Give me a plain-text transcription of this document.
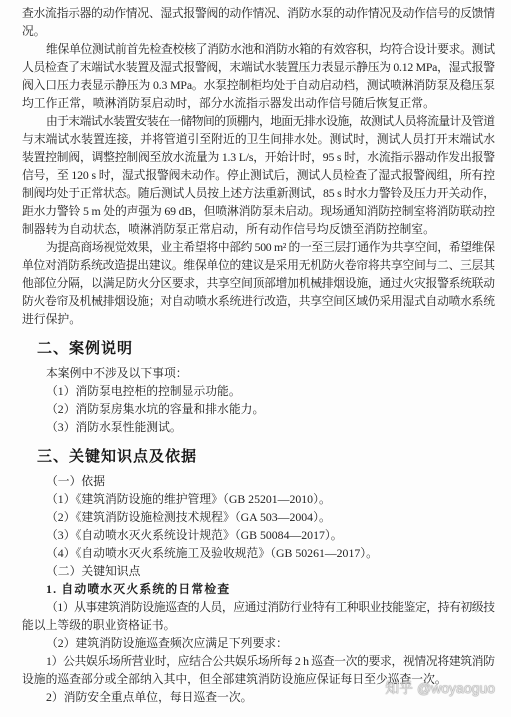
查水流指示器的动作情况、湿式报警阀的动作情况、消防水泵的动作情况及动作信号的反馈情
况。
维保单位测试前首先检查校核了消防水池和消防水箱的有效容积，均符合设计要求。测试
人员检查了末端试水装置及湿式报警阀，末端试水装置压力表显示静压为 0.12 MPa，湿式报警
阀入口压力表显示静压为 0.3 MPa。水泵控制柜均处于自动启动档，测试喷淋消防泵及稳压泵
均工作正常，喷淋消防泵启动时，部分水流指示器发出动作信号随后恢复正常。
由于末端试水装置安装在一储物间的顶棚内，地面无排水设施，故测试人员将流量计及管道
与末端试水装置连接，并将管道引至附近的卫生间排水处。测试时，测试人员打开末端试水
装置控制阀，调整控制阀至放水流量为 1.3 L/s，开始计时，95 s 时，水流指示器动作发出报警
信号，至 120 s 时，湿式报警阀未动作。停止测试后，测试人员检查了湿式报警阀组，所有控
制阀均处于正常状态。随后测试人员按上述方法重新测试，85 s 时水力警铃及压力开关动作，
距水力警铃 5 m 处的声强为 69 dB，但喷淋消防泵未启动。现场通知消防控制室将消防联动控
制器转为自动状态，喷淋消防泵正常启动，所有动作信号均反馈至消防控制室。
为提高商场视觉效果，业主希望将中部约 500 m² 的一至三层打通作为共享空间，希望维保
单位对消防系统改造提出建议。维保单位的建议是采用无机防火卷帘将共享空间与二、三层其
他部位分隔，以满足防火分区要求，共享空间顶部增加机械排烟设施，通过火灾报警系统联动
防火卷帘及机械排烟设施；对自动喷水系统进行改造，共享空间区域仍采用湿式自动喷水系统
进行保护。
二、案例说明
本案例中不涉及以下事项：
（1）消防泵电控柜的控制显示功能。
（2）消防泵房集水坑的容量和排水能力。
（3）消防水泵性能测试。
三、关键知识点及依据
（一）依据
（1）《建筑消防设施的维护管理》（GB 25201—2010）。
（2）《建筑消防设施检测技术规程》（GA 503—2004）。
（3）《自动喷水灭火系统设计规范》（GB 50084—2017）。
（4）《自动喷水灭火系统施工及验收规范》（GB 50261—2017）。
（二）关键知识点
1. 自动喷水灭火系统的日常检查
（1）从事建筑消防设施巡查的人员，应通过消防行业特有工种职业技能鉴定，持有初级技
能以上等级的职业资格证书。
（2）建筑消防设施巡查频次应满足下列要求：
1）公共娱乐场所营业时，应结合公共娱乐场所每 2 h 巡查一次的要求，视情况将建筑消防
设施的巡查部分或全部纳入其中，但全部建筑消防设施应保证每日至少巡查一次。
2）消防安全重点单位，每日巡查一次。
知乎 @woyaoguo
